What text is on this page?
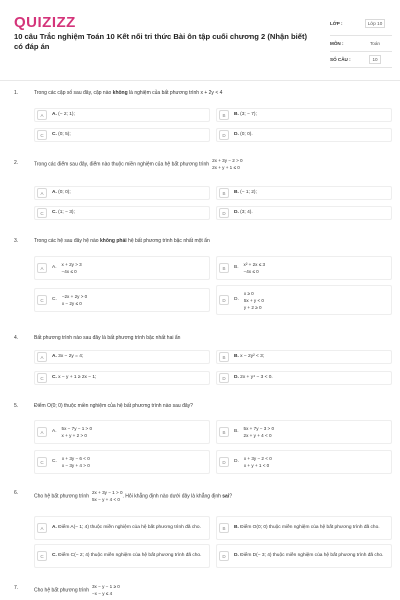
QUIZIZZ
10 câu Trắc nghiệm Toán 10 Kết nối tri thức Bài ôn tập cuối chương 2 (Nhận biết) có đáp án
LỚP :	Lớp 10
MÔN :	Toán
SỐ CÂU :	10
1.	Trong các cặp số sau đây, cặp nào không là nghiệm của bất phương trình x + 2y < 4
A	A. (− 2; 1);	B	B. (3; − 7);
C	C. (0; 5);	D	D. (0; 0).
2.	Trong các điểm sau đây, điểm nào thuộc miền nghiệm của hệ bất phương trình2x + 3y − 2 > 0
2x + y + 1 ≤ 0
A	A. (0; 0);	B	B. (− 1; 2);
C	C. (1; − 3);	D	D. (3; 4).
3.	Trong các hệ sau đây hệ nào không phải hệ bất phương trình bậc nhất một ẩn
A	A.
x + 2y > 3
−4x ≤ 0
B	B.
x² + 2x ≤ 3
−4x ≤ 0
C	C.
−2x + 2y > 0
x − 2y ≤ 0
D	D.
x ≥ 0
5x + y < 0
y + 2 ≥ 0
4.	Bất phương trình nào sau đây là bất phương trình bậc nhất hai ẩn
A	A. 3x − 2y = 4;	B	B. x − 2y² < 3;
C	C. x − y + 1 ≥ 2x − 1;	D	D. 2x + y⁴ − 3 < 0.
5.	Điểm O(0; 0) thuộc miền nghiệm của hệ bất phương trình nào sau đây?
A	A.
5x − 7y − 1 > 0
x + y + 2 > 0
B	B.
5x + 7y − 3 > 0
2x + y + 4 < 0
C	C.
x + 3y − 6 < 0
x − 3y + 4 > 0
D	D.
x + 3y − 2 < 0
x + y + 1 < 0
6.
Cho hệ bất phương trình2x + 3y − 1 > 0
5x − y + 4 < 0. Hỏi khẳng định nào dưới đây là khẳng định sai?
A	A. Điểm A(− 1; 4) thuộc miền nghiệm của hệ bất phương trình đã cho.	B	B. Điểm O(0; 0) thuộc miền nghiệm của hệ bất phương trình đã cho.
C	C. Điểm C(− 2; 4) thuộc miền nghiệm của hệ bất phương trình đã cho.	D	D. Điểm D(− 3; 4) thuộc miền nghiệm của hệ bất phương trình đã cho.
7.	Cho hệ bất phương trình3x − y − 1 ≥ 0
−x − y ≤ 4
